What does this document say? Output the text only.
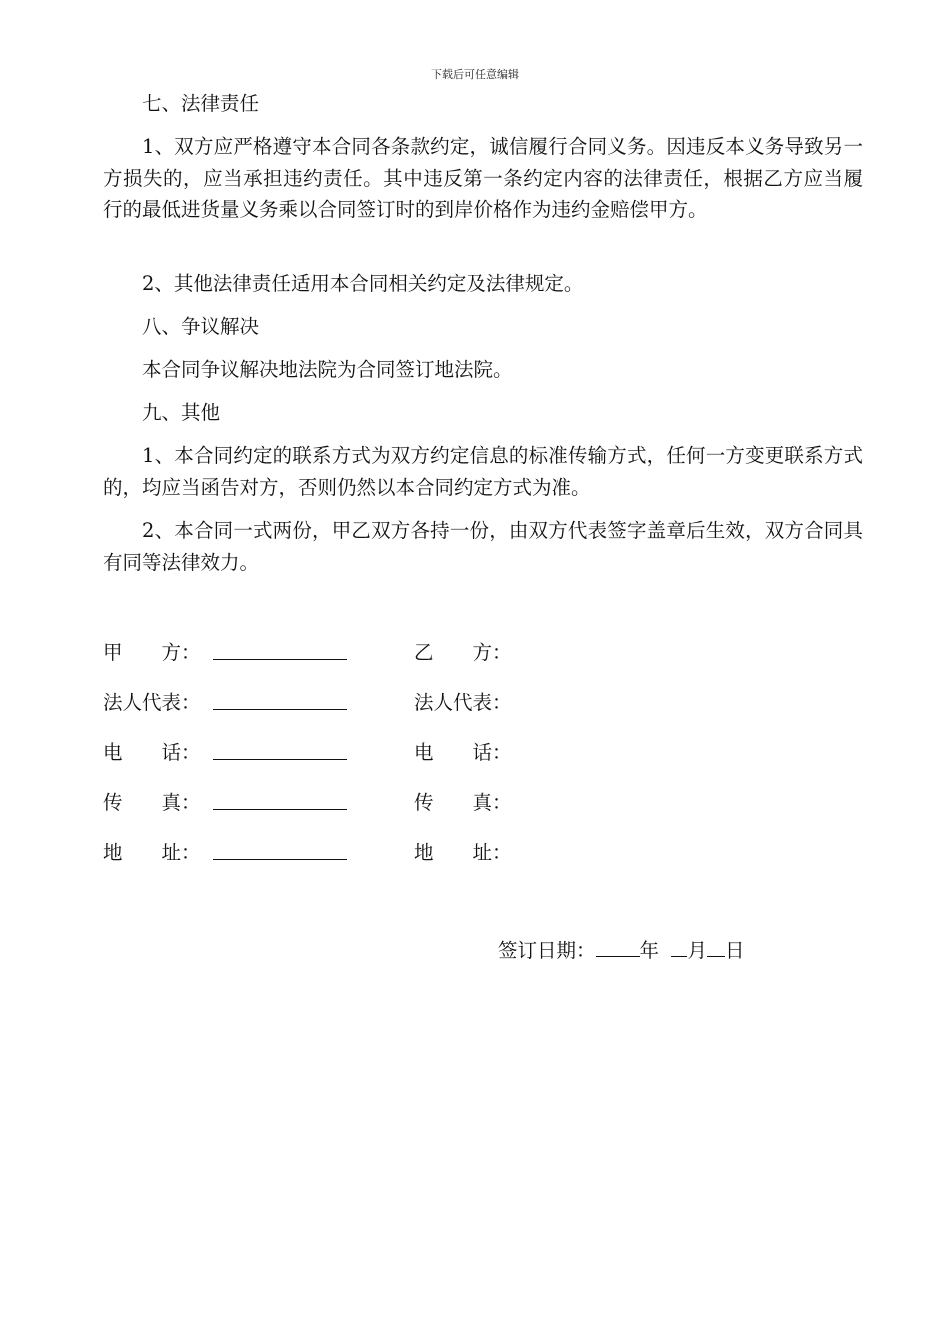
下载后可任意编辑

七、法律责任

1、双方应严格遵守本合同各条款约定，诚信履行合同义务。因违反本义务导致另一方损失的，应当承担违约责任。其中违反第一条约定内容的法律责任，根据乙方应当履行的最低进货量义务乘以合同签订时的到岸价格作为违约金赔偿甲方。

2、其他法律责任适用本合同相关约定及法律规定。

八、争议解决

本合同争议解决地法院为合同签订地法院。

九、其他

1、本合同约定的联系方式为双方约定信息的标准传输方式，任何一方变更联系方式的，均应当函告对方，否则仍然以本合同约定方式为准。

2、本合同一式两份，甲乙双方各持一份，由双方代表签字盖章后生效，双方合同具有同等法律效力。

甲　　方：	乙　　方：
法人代表：	法人代表：
电　　话：	电　　话：
传　　真：	传　　真：
地　　址：	地　　址：
签订日期： 年 月 日
